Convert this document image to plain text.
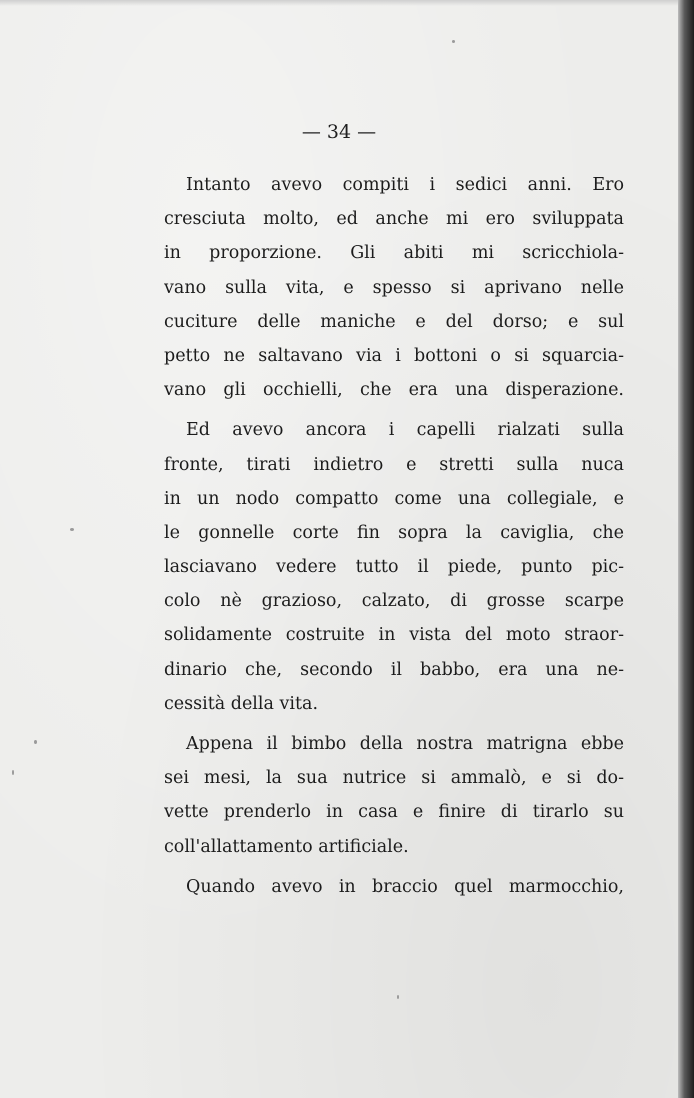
— 34 —

Intanto avevo compiti i sedici anni. Ero
cresciuta molto, ed anche mi ero sviluppata
in proporzione. Gli abiti mi scricchiola-
vano sulla vita, e spesso si aprivano nelle
cuciture delle maniche e del dorso; e sul
petto ne saltavano via i bottoni o si squarcia-
vano gli occhielli, che era una disperazione.

Ed avevo ancora i capelli rialzati sulla
fronte, tirati indietro e stretti sulla nuca
in un nodo compatto come una collegiale, e
le gonnelle corte fin sopra la caviglia, che
lasciavano vedere tutto il piede, punto pic-
colo nè grazioso, calzato, di grosse scarpe
solidamente costruite in vista del moto straor-
dinario che, secondo il babbo, era una ne-
cessità della vita.

Appena il bimbo della nostra matrigna ebbe
sei mesi, la sua nutrice si ammalò, e si do-
vette prenderlo in casa e finire di tirarlo su
coll'allattamento artificiale.

Quando avevo in braccio quel marmocchio,
